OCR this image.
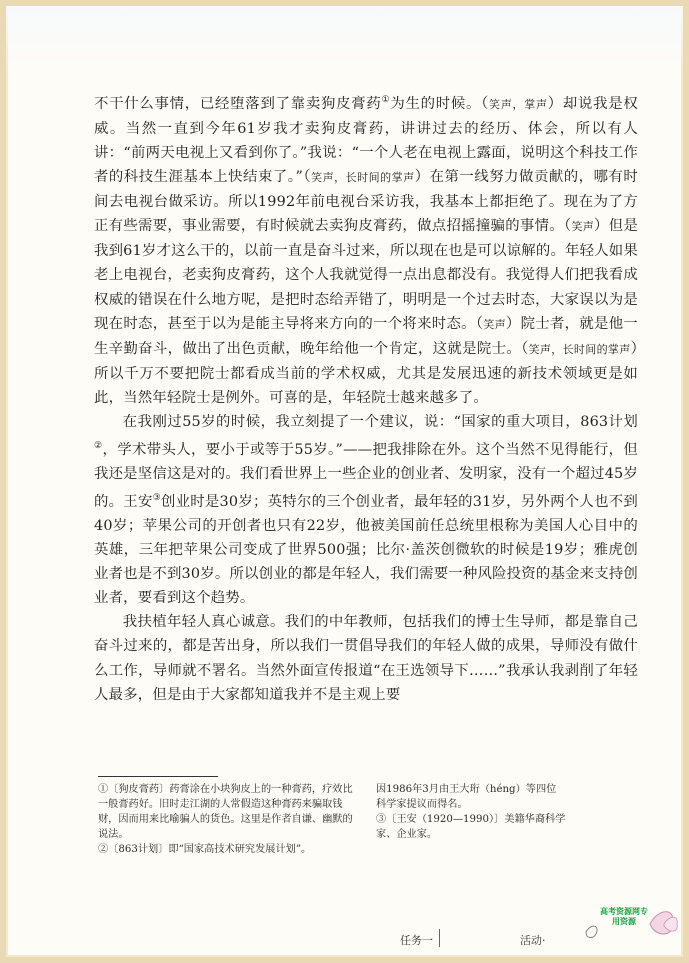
不干什么事情，已经堕落到了靠卖狗皮膏药①为生的时候。（笑声，掌声）却说我是权威。当然一直到今年61岁我才卖狗皮膏药，讲讲过去的经历、体会，所以有人讲：“前两天电视上又看到你了。”我说：“一个人老在电视上露面，说明这个科技工作者的科技生涯基本上快结束了。”（笑声，长时间的掌声）在第一线努力做贡献的，哪有时间去电视台做采访。所以1992年前电视台采访我，我基本上都拒绝了。现在为了方正有些需要，事业需要，有时候就去卖狗皮膏药，做点招摇撞骗的事情。（笑声）但是我到61岁才这么干的，以前一直是奋斗过来，所以现在也是可以谅解的。年轻人如果老上电视台，老卖狗皮膏药，这个人我就觉得一点出息都没有。我觉得人们把我看成权威的错误在什么地方呢，是把时态给弄错了，明明是一个过去时态，大家误以为是现在时态，甚至于以为是能主导将来方向的一个将来时态。（笑声）院士者，就是他一生辛勤奋斗，做出了出色贡献，晚年给他一个肯定，这就是院士。（笑声，长时间的掌声）所以千万不要把院士都看成当前的学术权威，尤其是发展迅速的新技术领域更是如此，当然年轻院士是例外。可喜的是，年轻院士越来越多了。

在我刚过55岁的时候，我立刻提了一个建议，说：“国家的重大项目，863计划②，学术带头人，要小于或等于55岁。”——把我排除在外。这个当然不见得能行，但我还是坚信这是对的。我们看世界上一些企业的创业者、发明家，没有一个超过45岁的。王安③创业时是30岁；英特尔的三个创业者，最年轻的31岁，另外两个人也不到40岁；苹果公司的开创者也只有22岁，他被美国前任总统里根称为美国人心目中的英雄，三年把苹果公司变成了世界500强；比尔·盖茨创微软的时候是19岁；雅虎创业者也是不到30岁。所以创业的都是年轻人，我们需要一种风险投资的基金来支持创业者，要看到这个趋势。

我扶植年轻人真心诚意。我们的中年教师，包括我们的博士生导师，都是靠自己奋斗过来的，都是苦出身，所以我们一贯倡导我们的年轻人做的成果，导师没有做什么工作，导师就不署名。当然外面宣传报道“在王选领导下……”我承认我剥削了年轻人最多，但是由于大家都知道我并不是主观上要

①〔狗皮膏药〕药膏涂在小块狗皮上的一种膏药，疗效比一般膏药好。旧时走江湖的人常假造这种膏药来骗取钱财，因而用来比喻骗人的货色。这里是作者自谦、幽默的说法。

②〔863计划〕即“国家高技术研究发展计划”。

因1986年3月由王大珩（héng）等四位科学家提议而得名。

③〔王安（1920—1990）〕美籍华裔科学家、企业家。

任务一	活动·
高考资源网专用资源
